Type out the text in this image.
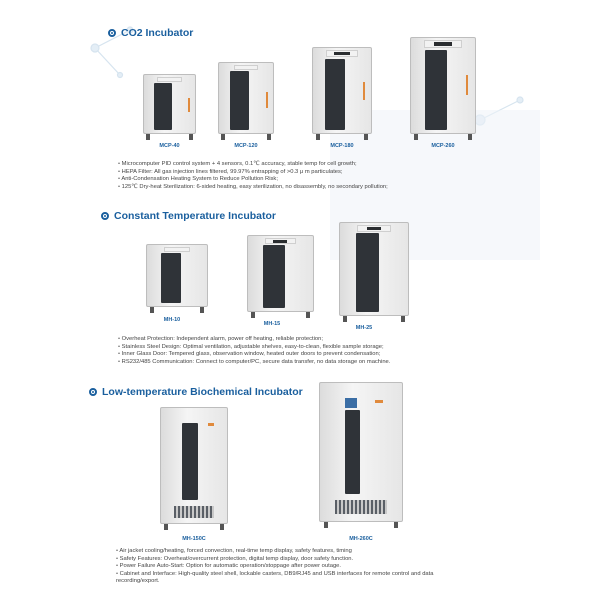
CO2 Incubator
MCP-40	MCP-120	MCP-180	MCP-260
• Microcomputer PID control system + 4 sensors, 0.1℃ accuracy, stable temp for cell growth;
• HEPA Filter: All gas injection lines filtered, 99.97% entrapping of >0.3 μ m particulates;
• Anti-Condensation Heating System to Reduce Pollution Risk;
• 125℃ Dry-heat Sterilization: 6-sided heating, easy sterilization, no disassembly, no secondary pollution;
Constant Temperature Incubator
MH-10
MH-15
MH-25
• Overheat Protection: Independent alarm, power off heating, reliable protection;
• Stainless Steel Design: Optimal ventilation, adjustable shelves, easy-to-clean, flexible sample storage;
• Inner Glass Door: Tempered glass, observation window, heated outer doors to prevent condensation;
• RS232/485 Communication: Connect to computer/PC, secure data transfer, no data storage on machine.
Low-temperature Biochemical Incubator
MH-150C	MH-260C
• Air jacket cooling/heating, forced convection, real-time temp display, safety features, timing
• Safety Features: Overheat/overcurrent protection, digital temp display, door safety function.
• Power Failure Auto-Start: Option for automatic operation/stoppage after power outage.
• Cabinet and Interface: High-quality steel shell, lockable casters, DB9/RJ45 and USB interfaces for remote control and data recording/export.
